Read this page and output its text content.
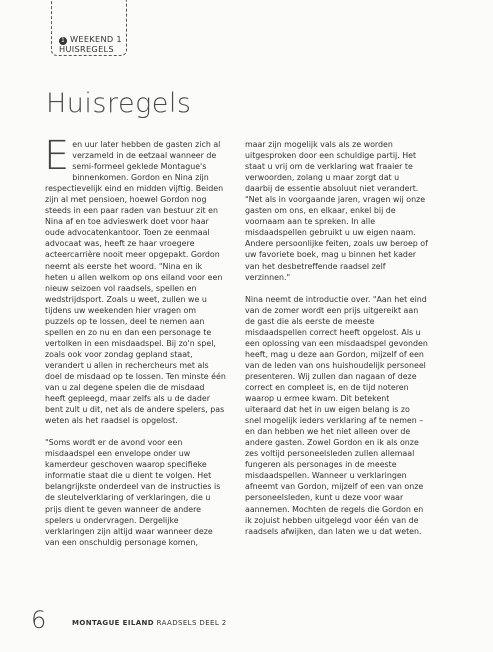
1 WEEKEND 1
HUISREGELS
Huisregels

Een uur later hebben de gasten zich al verzameld in de eetzaal wanneer de semi-formeel geklede Montague's binnenkomen. Gordon en Nina zijn respectievelijk eind en midden vijftig. Beiden zijn al met pensioen, hoewel Gordon nog steeds in een paar raden van bestuur zit en Nina af en toe advieswerk doet voor haar oude advocatenkantoor. Toen ze eenmaal advocaat was, heeft ze haar vroegere acteercarrière nooit meer opgepakt. Gordon neemt als eerste het woord. "Nina en ik heten u allen welkom op ons eiland voor een nieuw seizoen vol raadsels, spellen en wedstrijdsport. Zoals u weet, zullen we u tijdens uw weekenden hier vragen om puzzels op te lossen, deel te nemen aan spellen en zo nu en dan een personage te vertolken in een misdaadspel. Bij zo'n spel, zoals ook voor zondag gepland staat, verandert u allen in rechercheurs met als doel de misdaad op te lossen. Ten minste één van u zal degene spelen die de misdaad heeft gepleegd, maar zelfs als u de dader bent zult u dit, net als de andere spelers, pas weten als het raadsel is opgelost.

"Soms wordt er de avond voor een misdaadspel een envelope onder uw kamerdeur geschoven waarop specifieke informatie staat die u dient te volgen. Het belangrijkste onderdeel van de instructies is de sleutelverklaring of verklaringen, die u prijs dient te geven wanneer de andere spelers u ondervragen. Dergelijke verklaringen zijn altijd waar wanneer deze van een onschuldig personage komen,

maar zijn mogelijk vals als ze worden uitgesproken door een schuldige partij. Het staat u vrij om de verklaring wat fraaier te verwoorden, zolang u maar zorgt dat u daarbij de essentie absoluut niet verandert. "Net als in voorgaande jaren, vragen wij onze gasten om ons, en elkaar, enkel bij de voornaam aan te spreken. In alle misdaadspellen gebruikt u uw eigen naam. Andere persoonlijke feiten, zoals uw beroep of uw favoriete boek, mag u binnen het kader van het desbetreffende raadsel zelf verzinnen."

Nina neemt de introductie over. "Aan het eind van de zomer wordt een prijs uitgereikt aan de gast die als eerste de meeste misdaadspellen correct heeft opgelost. Als u een oplossing van een misdaadspel gevonden heeft, mag u deze aan Gordon, mijzelf of een van de leden van ons huishoudelijk personeel presenteren. Wij zullen dan nagaan of deze correct en compleet is, en de tijd noteren waarop u ermee kwam. Dit betekent uiteraard dat het in uw eigen belang is zo snel mogelijk ieders verklaring af te nemen – en dan hebben we het niet alleen over de andere gasten. Zowel Gordon en ik als onze zes voltijd personeelsleden zullen allemaal fungeren als personages in de meeste misdaadspellen. Wanneer u verklaringen afneemt van Gordon, mijzelf of een van onze personeelsleden, kunt u deze voor waar aannemen. Mochten de regels die Gordon en ik zojuist hebben uitgelegd voor één van de raadsels afwijken, dan laten we u dat weten.

6	MONTAGUE EILAND RAADSELS DEEL 2
